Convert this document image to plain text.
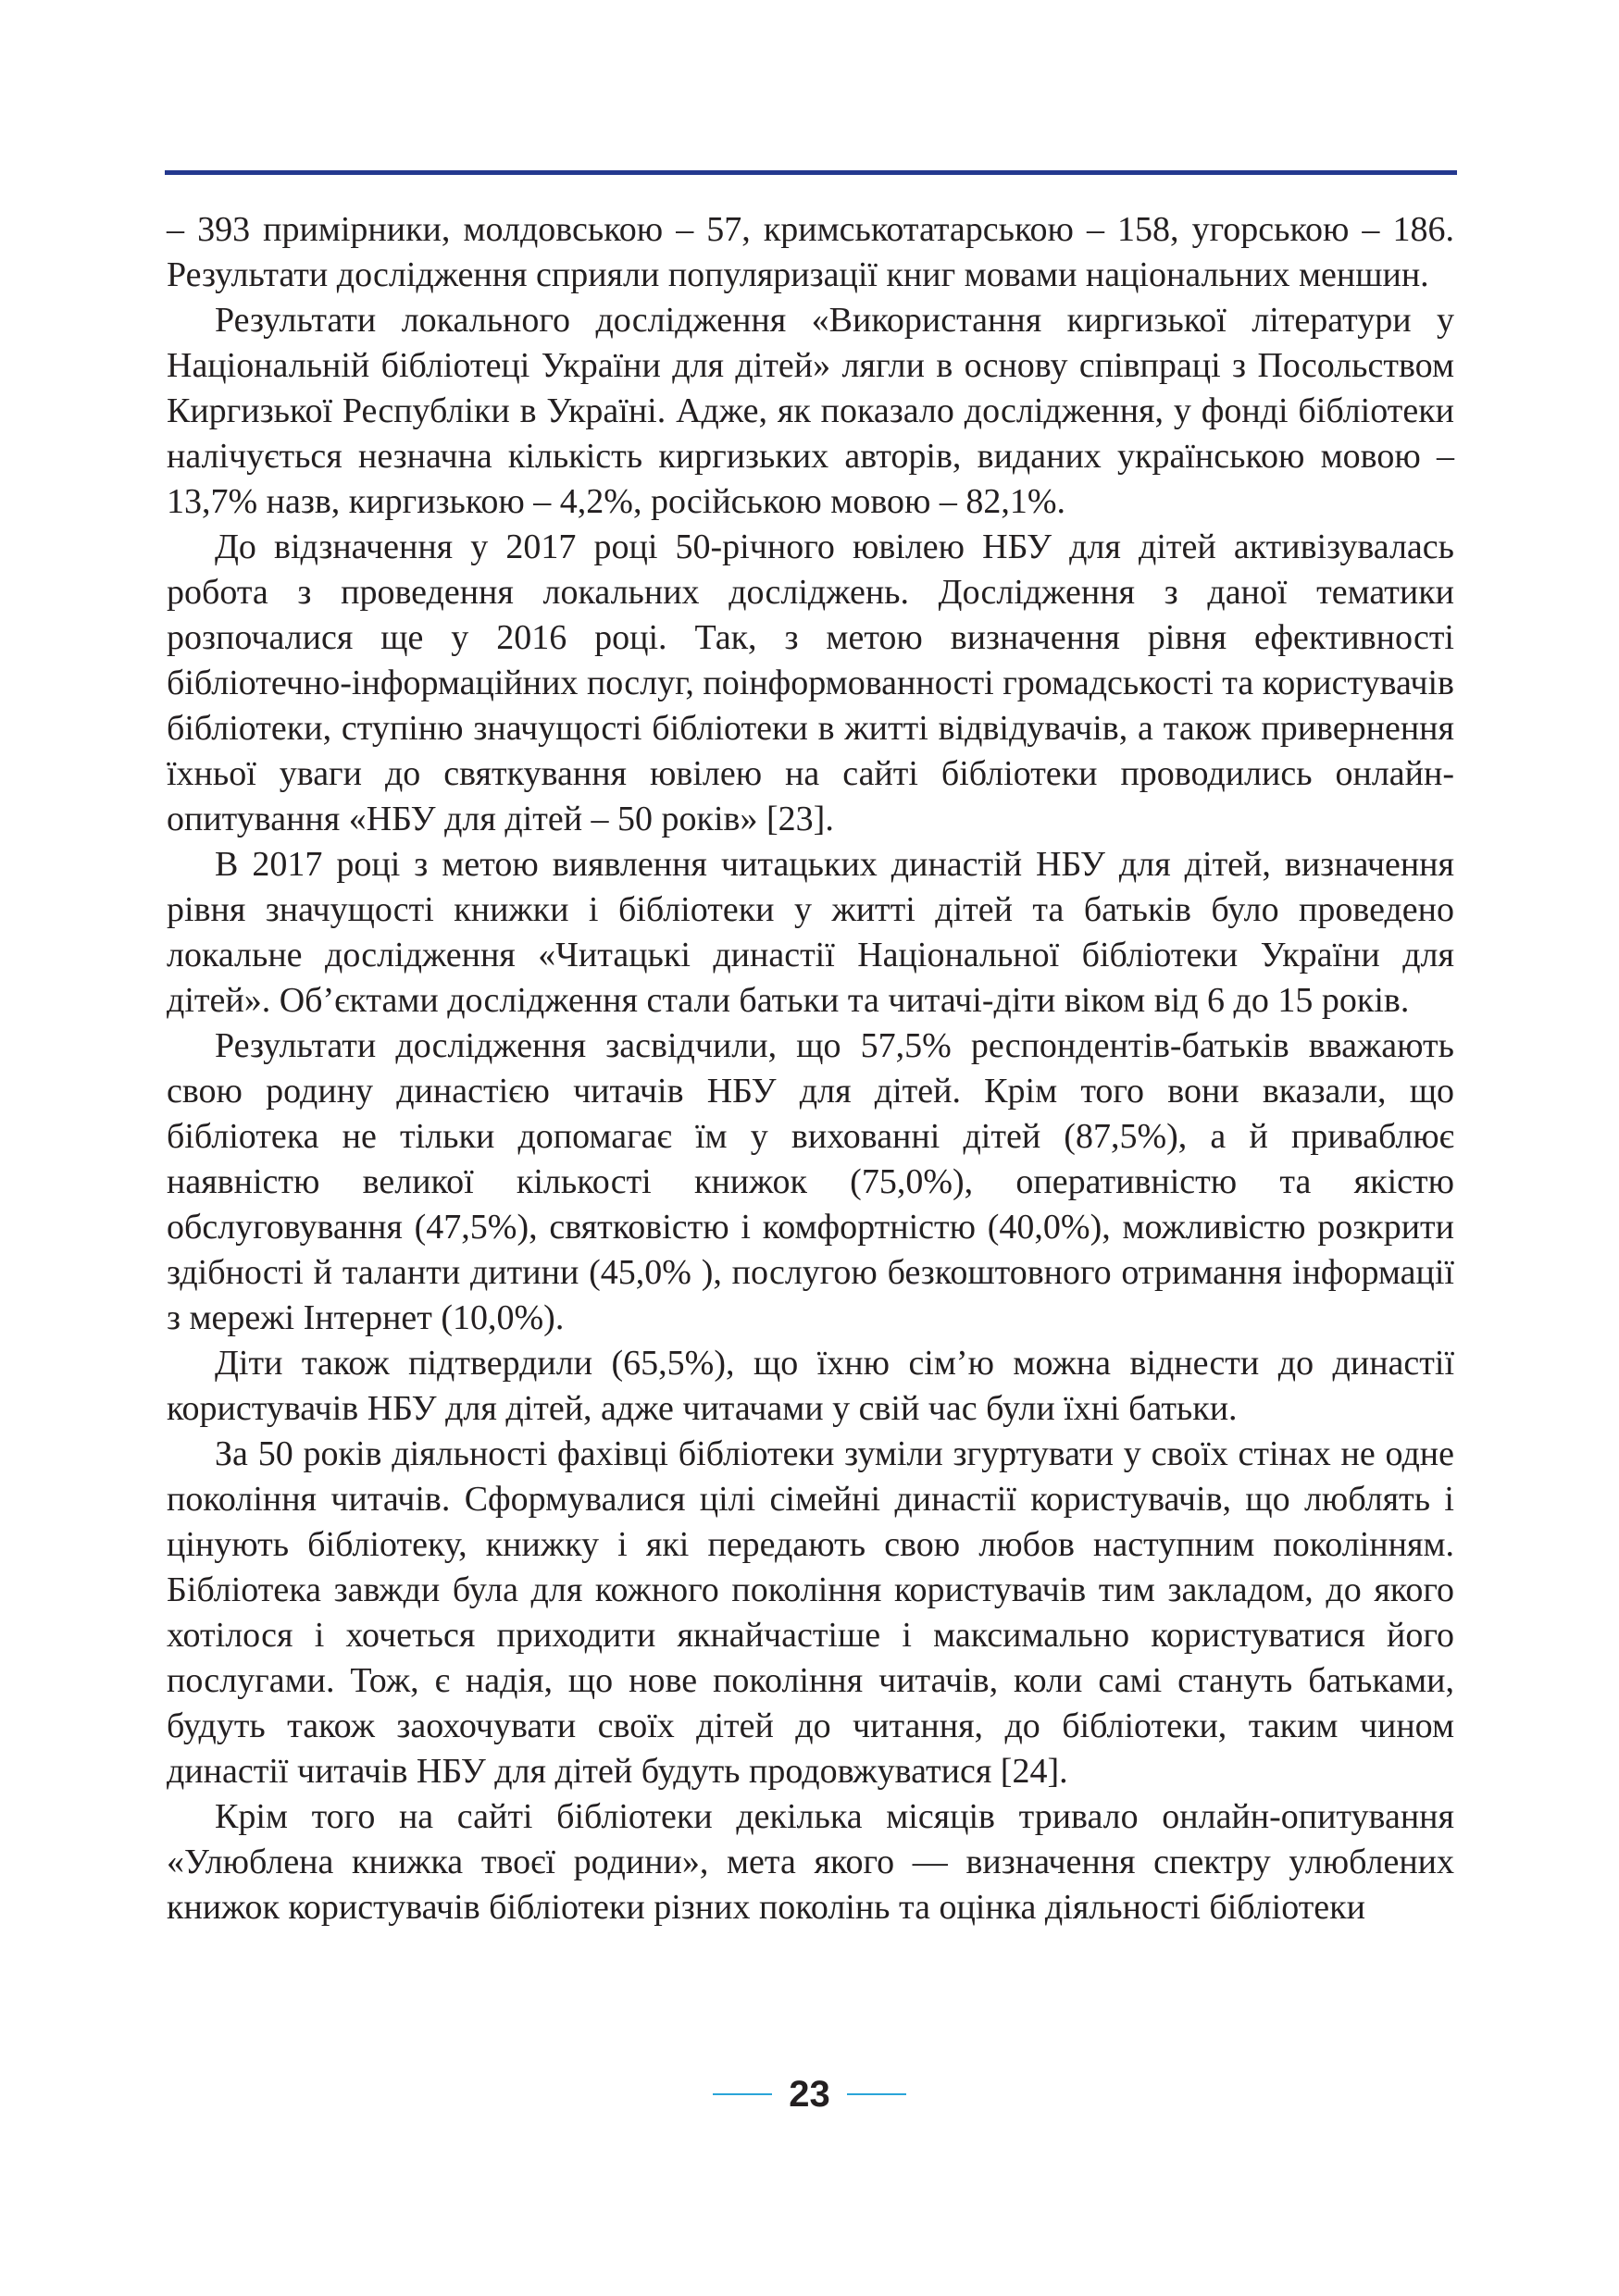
– 393 примірники, молдовською – 57, кримськотатарською – 158, угорською – 186. Результати дослідження сприяли популяризації книг мовами національних меншин.

Результати локального дослідження «Використання киргизької літератури у Національній бібліотеці України для дітей» лягли в основу співпраці з Посольством Киргизької Республіки в Україні. Адже, як показало дослідження, у фонді бібліотеки налічується незначна кількість киргизьких авторів, виданих українською мовою – 13,7% назв, киргизькою – 4,2%, російською мовою – 82,1%.

До відзначення у 2017 році 50-річного ювілею НБУ для дітей активізувалась робота з проведення локальних досліджень. Дослідження з даної тематики розпочалися ще у 2016 році. Так, з метою визначення рівня ефективності бібліотечно-інформаційних послуг, поінформованності громадськості та користувачів бібліотеки, ступіню значущості бібліотеки в житті відвідувачів, а також привернення їхньої уваги до святкування ювілею на сайті бібліотеки проводились онлайн-опитування «НБУ для дітей – 50 років» [23].

В 2017 році з метою виявлення читацьких династій НБУ для дітей, визначення рівня значущості книжки і бібліотеки у житті дітей та батьків було проведено локальне дослідження «Читацькі династії Національної бібліотеки України для дітей». Об’єктами дослідження стали батьки та читачі-діти віком від 6 до 15 років.

Результати дослідження засвідчили, що 57,5% респондентів-батьків вважають свою родину династією читачів НБУ для дітей. Крім того вони вказали, що бібліотека не тільки допомагає їм у вихованні дітей (87,5%), а й приваблює наявністю великої кількості книжок (75,0%), оперативністю та якістю обслуговування (47,5%), святковістю і комфортністю (40,0%), можливістю розкрити здібності й таланти дитини (45,0% ), послугою безкоштовного отримання інформації з мережі Інтернет (10,0%).

Діти також підтвердили (65,5%), що їхню сім’ю можна віднести до династії користувачів НБУ для дітей, адже читачами у свій час були їхні батьки.

За 50 років діяльності фахівці бібліотеки зуміли згуртувати у своїх стінах не одне покоління читачів. Сформувалися цілі сімейні династії користувачів, що люблять і цінують бібліотеку, книжку і які передають свою любов наступним поколінням. Бібліотека завжди була для кожного покоління користувачів тим закладом, до якого хотілося і хочеться приходити якнайчастіше і максимально користуватися його послугами. Тож, є надія, що нове покоління читачів, коли самі стануть батьками, будуть також заохочувати своїх дітей до читання, до бібліотеки, таким чином династії читачів НБУ для дітей будуть продовжуватися [24].

Крім того на сайті бібліотеки декілька місяців тривало онлайн-опитування «Улюблена книжка твоєї родини», мета якого — визначення спектру улюблених книжок користувачів бібліотеки різних поколінь та оцінка діяльності бібліотеки

23
